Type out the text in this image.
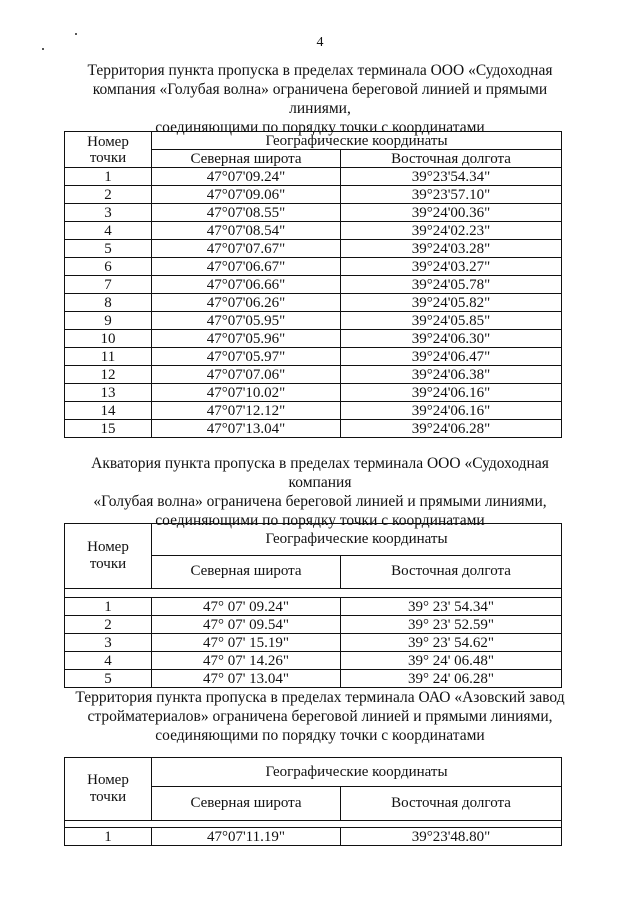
4
Территория пункта пропуска в пределах терминала ООО «Судоходная
компания «Голубая волна» ограничена береговой линией и прямыми линиями,
соединяющими по порядку точки с координатами
Номер
точки	Географические координаты	
	Северная широта	Восточная долгота
1	47°07'09.24"	39°23'54.34"
2	47°07'09.06"	39°23'57.10"
3	47°07'08.55"	39°24'00.36"
4	47°07'08.54"	39°24'02.23"
5	47°07'07.67"	39°24'03.28"
6	47°07'06.67"	39°24'03.27"
7	47°07'06.66"	39°24'05.78"
8	47°07'06.26"	39°24'05.82"
9	47°07'05.95"	39°24'05.85"
10	47°07'05.96"	39°24'06.30"
11	47°07'05.97"	39°24'06.47"
12	47°07'07.06"	39°24'06.38"
13	47°07'10.02"	39°24'06.16"
14	47°07'12.12"	39°24'06.16"
15	47°07'13.04"	39°24'06.28"
Акватория пункта пропуска в пределах терминала ООО «Судоходная компания
«Голубая волна» ограничена береговой линией и прямыми линиями,
соединяющими по порядку точки с координатами
Номер
точки	Географические координаты	
	Северная широта	Восточная долгота

1	47° 07' 09.24"	39° 23' 54.34"
2	47° 07' 09.54"	39° 23' 52.59"
3	47° 07' 15.19"	39° 23' 54.62"
4	47° 07' 14.26"	39° 24' 06.48"
5	47° 07' 13.04"	39° 24' 06.28"
Территория пункта пропуска в пределах терминала ОАО «Азовский завод
стройматериалов» ограничена береговой линией и прямыми линиями,
соединяющими по порядку точки с координатами
Номер
точки	Географические координаты	
	Северная широта	Восточная долгота

1	47°07'11.19"	39°23'48.80"
